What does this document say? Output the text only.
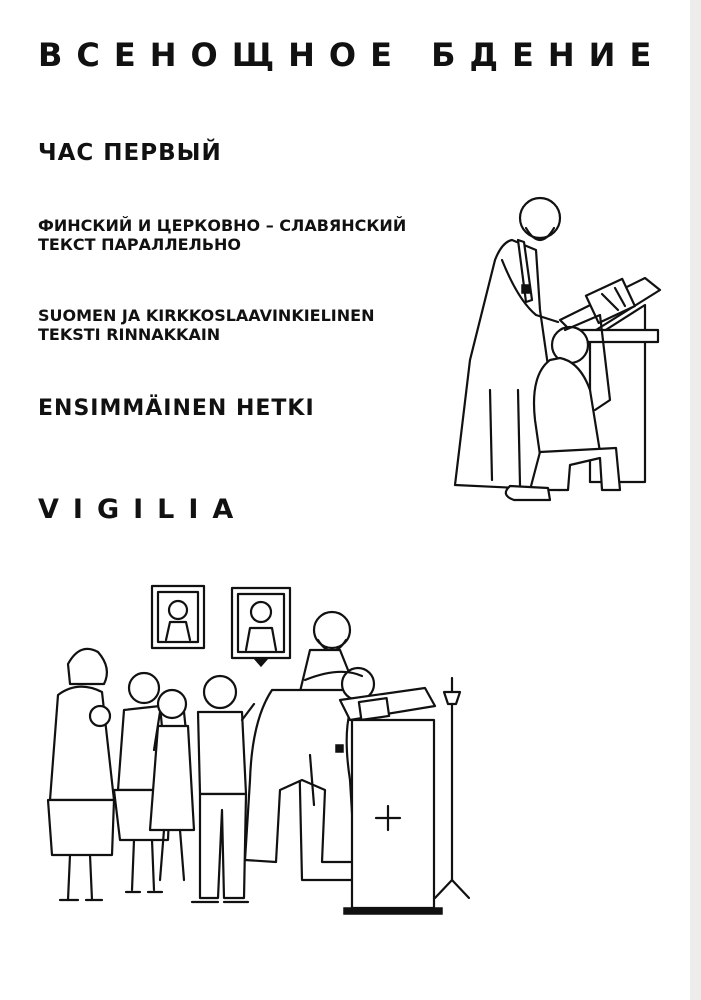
ВСЕНОЩНОЕ БДЕНИЕ
ЧАС ПЕРВЫЙ
ФИНСКИЙ И ЦЕРКОВНО – СЛАВЯНСКИЙ
ТЕКСТ ПАРАЛЛЕЛЬНО
SUOMEN JA KIRKKOSLAAVINKIELINEN
TEKSTI RINNAKKAIN
ENSIMMÄINEN HETKI
VIGILIA
